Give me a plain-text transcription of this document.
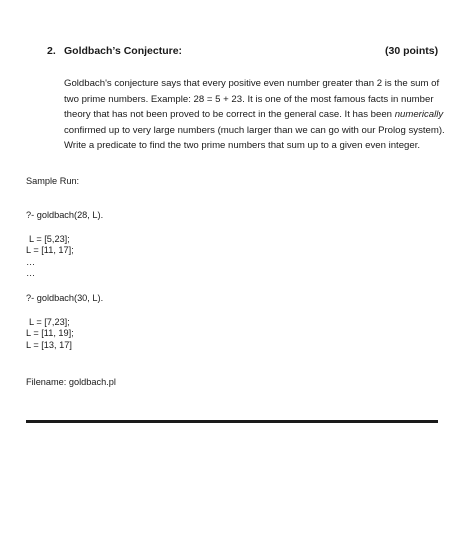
2. Goldbach’s Conjecture:	(30 points)
Goldbach's conjecture says that every positive even number greater than 2 is the sum of
two prime numbers. Example: 28 = 5 + 23. It is one of the most famous facts in number
theory that has not been proved to be correct in the general case. It has been numerically
confirmed up to very large numbers (much larger than we can go with our Prolog system).
Write a predicate to find the two prime numbers that sum up to a given even integer.
Sample Run:
?- goldbach(28, L).
L = [5,23];
L = [11, 17];
…
…
?- goldbach(30, L).
L = [7,23];
L = [11, 19];
L = [13, 17]
Filename: goldbach.pl
